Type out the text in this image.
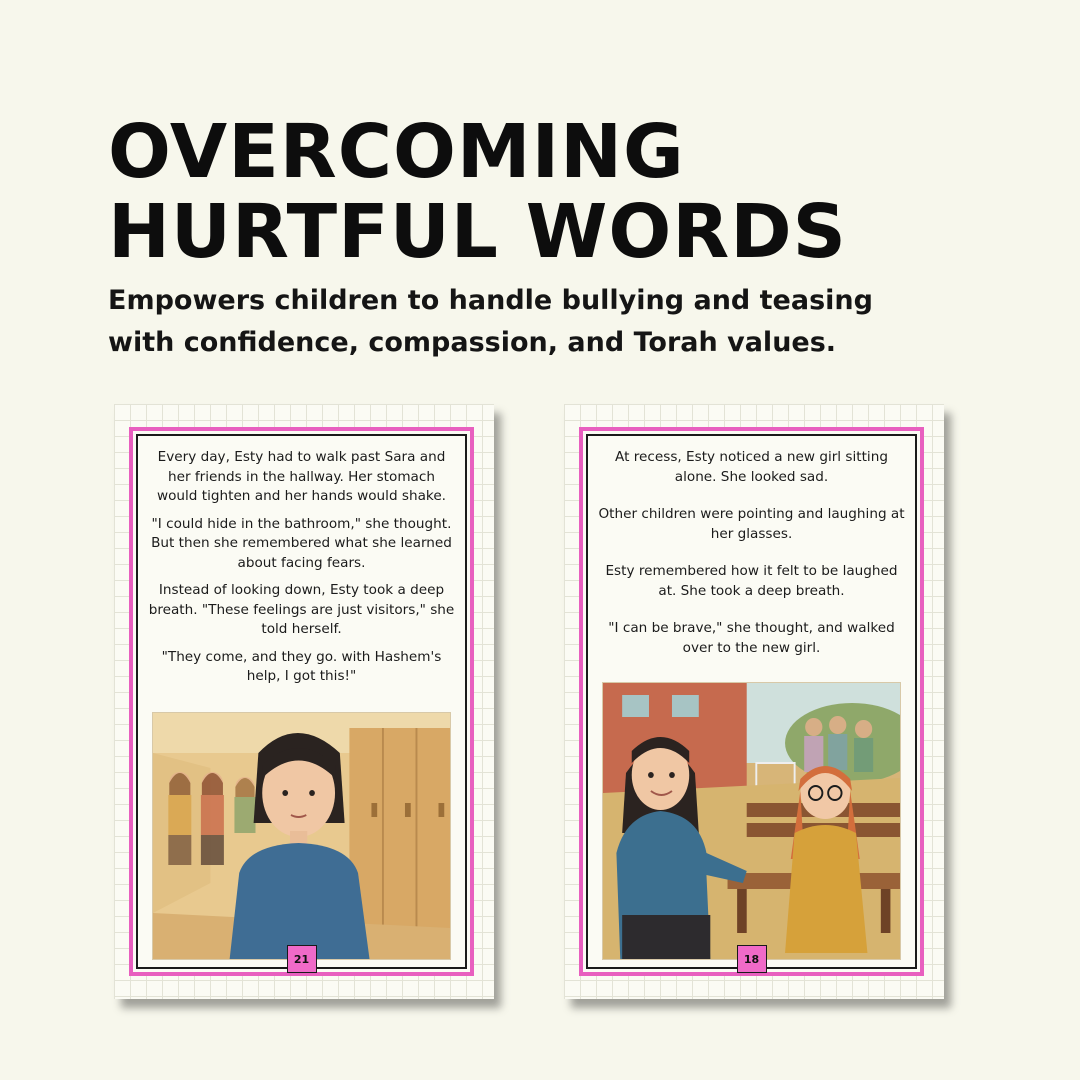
OVERCOMING
HURTFUL WORDS

Empowers children to handle bullying and teasing
with confidence, compassion, and Torah values.

Every day, Esty had to walk past Sara and her friends in the hallway. Her stomach would tighten and her hands would shake.

"I could hide in the bathroom," she thought. But then she remembered what she learned about facing fears.

Instead of looking down, Esty took a deep breath. "These feelings are just visitors," she told herself.

"They come, and they go. with Hashem's help, I got this!"

21

At recess, Esty noticed a new girl sitting alone. She looked sad.

Other children were pointing and laughing at her glasses.

Esty remembered how it felt to be laughed at. She took a deep breath.

"I can be brave," she thought, and walked over to the new girl.

18
